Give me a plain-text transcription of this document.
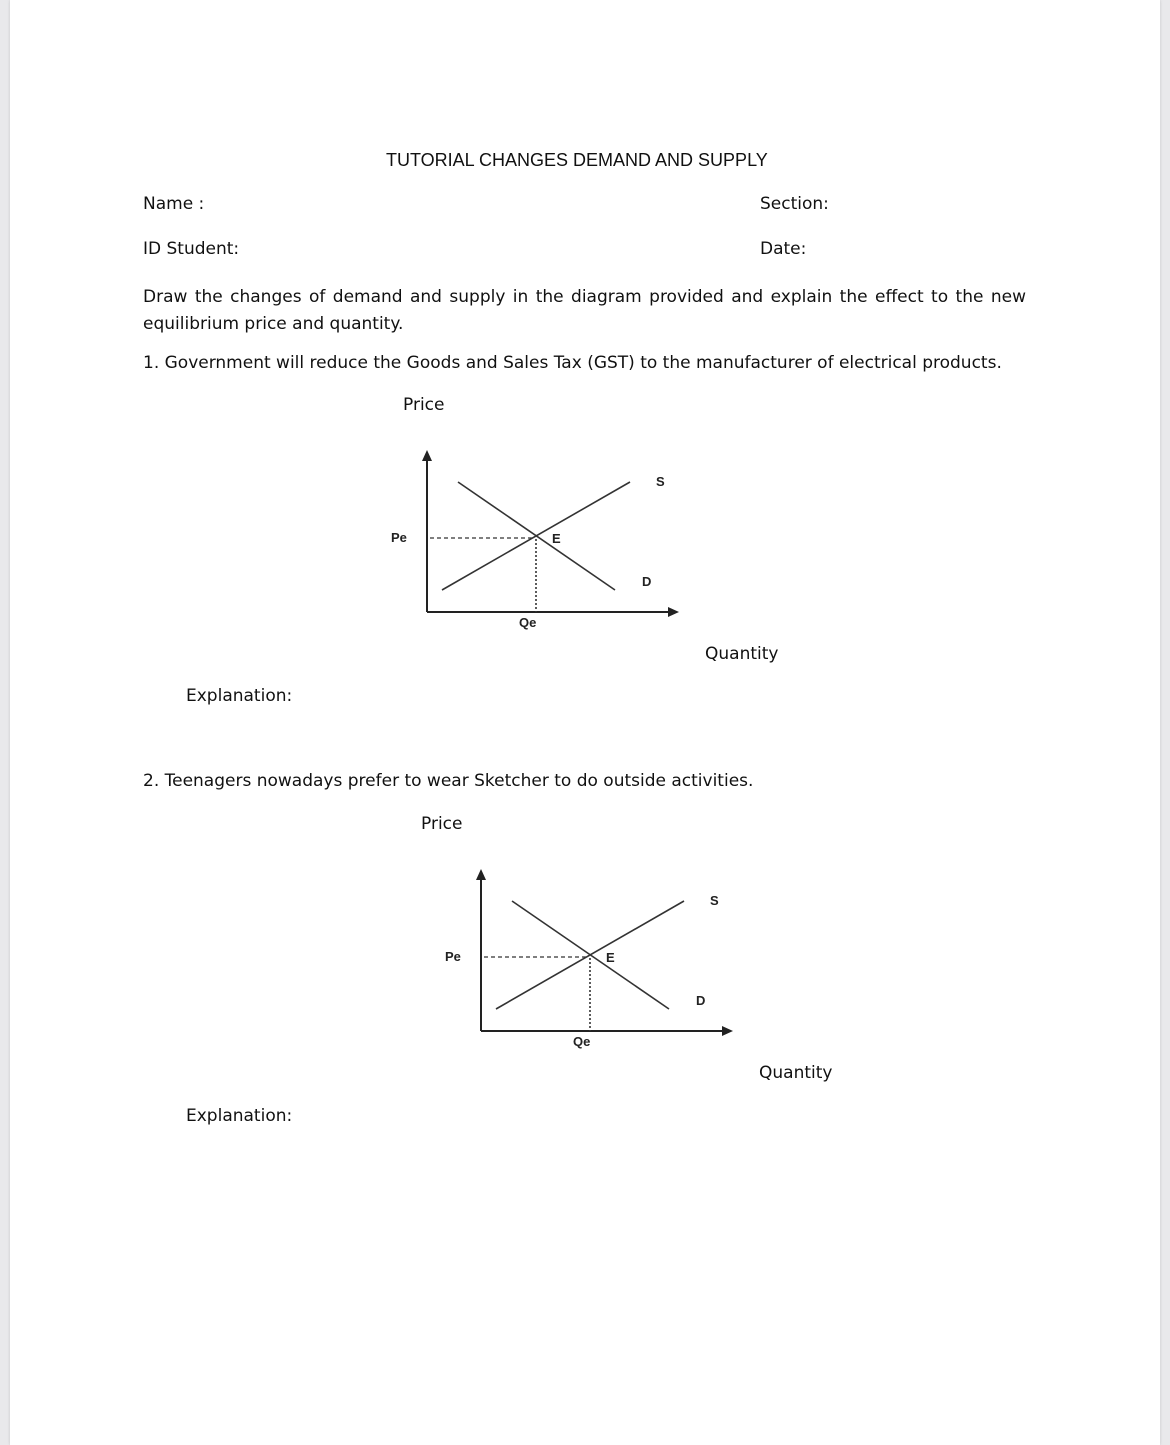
TUTORIAL CHANGES DEMAND AND SUPPLY
Name :	Section:
ID Student:	Date:
Draw the changes of demand and supply in the diagram provided and explain the effect to the new equilibrium price and quantity.
1. Government will reduce the Goods and Sales Tax (GST) to the manufacturer of electrical products.
Price
Quantity
Explanation:
Pe	E
S
D
Qe
2. Teenagers nowadays prefer to wear Sketcher to do outside activities.
Price
Quantity
Explanation:
Pe	E
S
D
Qe
